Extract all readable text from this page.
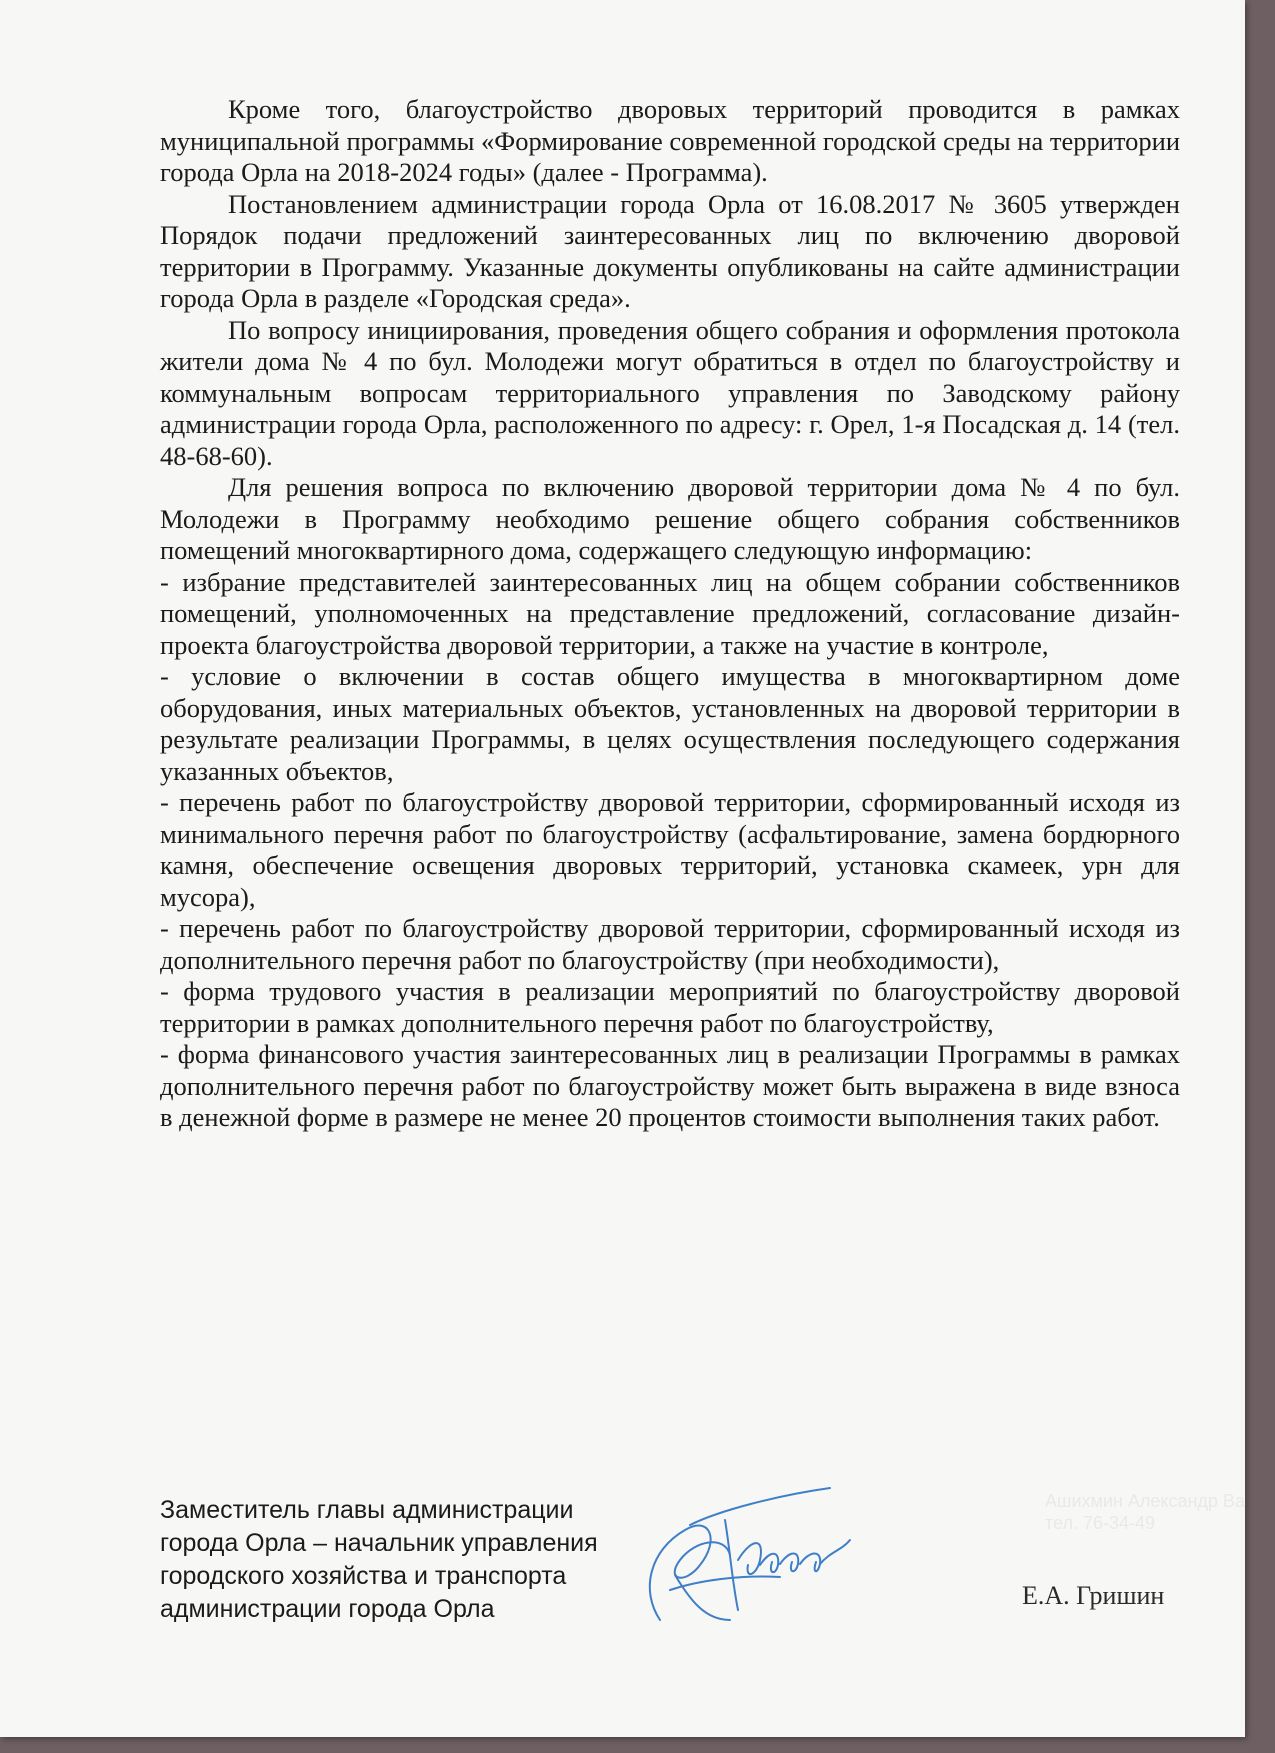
Кроме того, благоустройство дворовых территорий проводится в рамках муниципальной программы «Формирование современной городской среды на территории города Орла на 2018-2024 годы» (далее - Программа).

Постановлением администрации города Орла от 16.08.2017 № 3605 утвержден Порядок подачи предложений заинтересованных лиц по включению дворовой территории в Программу. Указанные документы опубликованы на сайте администрации города Орла в разделе «Городская среда».

По вопросу инициирования, проведения общего собрания и оформления протокола жители дома № 4 по бул. Молодежи могут обратиться в отдел по благоустройству и коммунальным вопросам территориального управления по Заводскому району администрации города Орла, расположенного по адресу: г. Орел, 1-я Посадская д. 14 (тел. 48-68-60).

Для решения вопроса по включению дворовой территории дома № 4 по бул. Молодежи в Программу необходимо решение общего собрания собственников помещений многоквартирного дома, содержащего следующую информацию:

- избрание представителей заинтересованных лиц на общем собрании собственников помещений, уполномоченных на представление предложений, согласование дизайн-проекта благоустройства дворовой территории, а также на участие в контроле,

- условие о включении в состав общего имущества в многоквартирном доме оборудования, иных материальных объектов, установленных на дворовой территории в результате реализации Программы, в целях осуществления последующего содержания указанных объектов,

- перечень работ по благоустройству дворовой территории, сформированный исходя из минимального перечня работ по благоустройству (асфальтирование, замена бордюрного камня, обеспечение освещения дворовых территорий, установка скамеек, урн для мусора),

- перечень работ по благоустройству дворовой территории, сформированный исходя из дополнительного перечня работ по благоустройству (при необходимости),

- форма трудового участия в реализации мероприятий по благоустройству дворовой территории в рамках дополнительного перечня работ по благоустройству,

- форма финансового участия заинтересованных лиц в реализации Программы в рамках дополнительного перечня работ по благоустройству может быть выражена в виде взноса в денежной форме в размере не менее 20 процентов стоимости выполнения таких работ.

Заместитель главы администрации
города Орла – начальник управления
городского хозяйства и транспорта
администрации города Орла
Ашихмин Александр Ва
тел. 76-34-49
Е.А. Гришин
